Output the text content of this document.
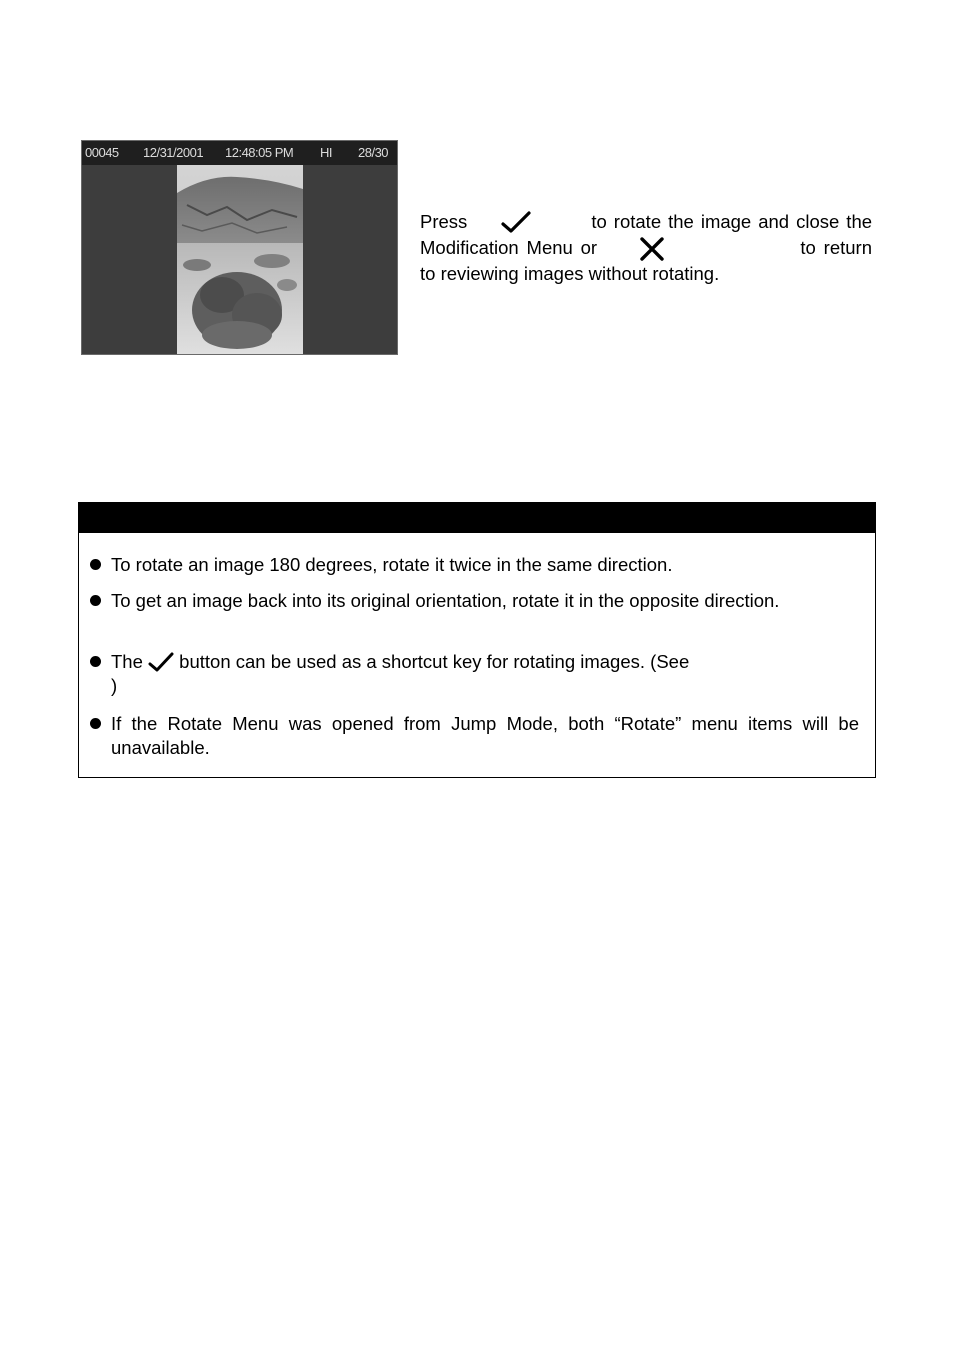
00045 12/31/2001 12:48:05 PM HI 28/30
Press	to rotate the image and close the Modification Menu or	to return to reviewing images without rotating.
To rotate an image 180 degrees, rotate it twice in the same direction.
To get an image back into its original orientation, rotate it in the opposite direction.
The button can be used as a shortcut key for rotating images. (See
)
If the Rotate Menu was opened from Jump Mode, both “Rotate” menu items will be unavailable.
